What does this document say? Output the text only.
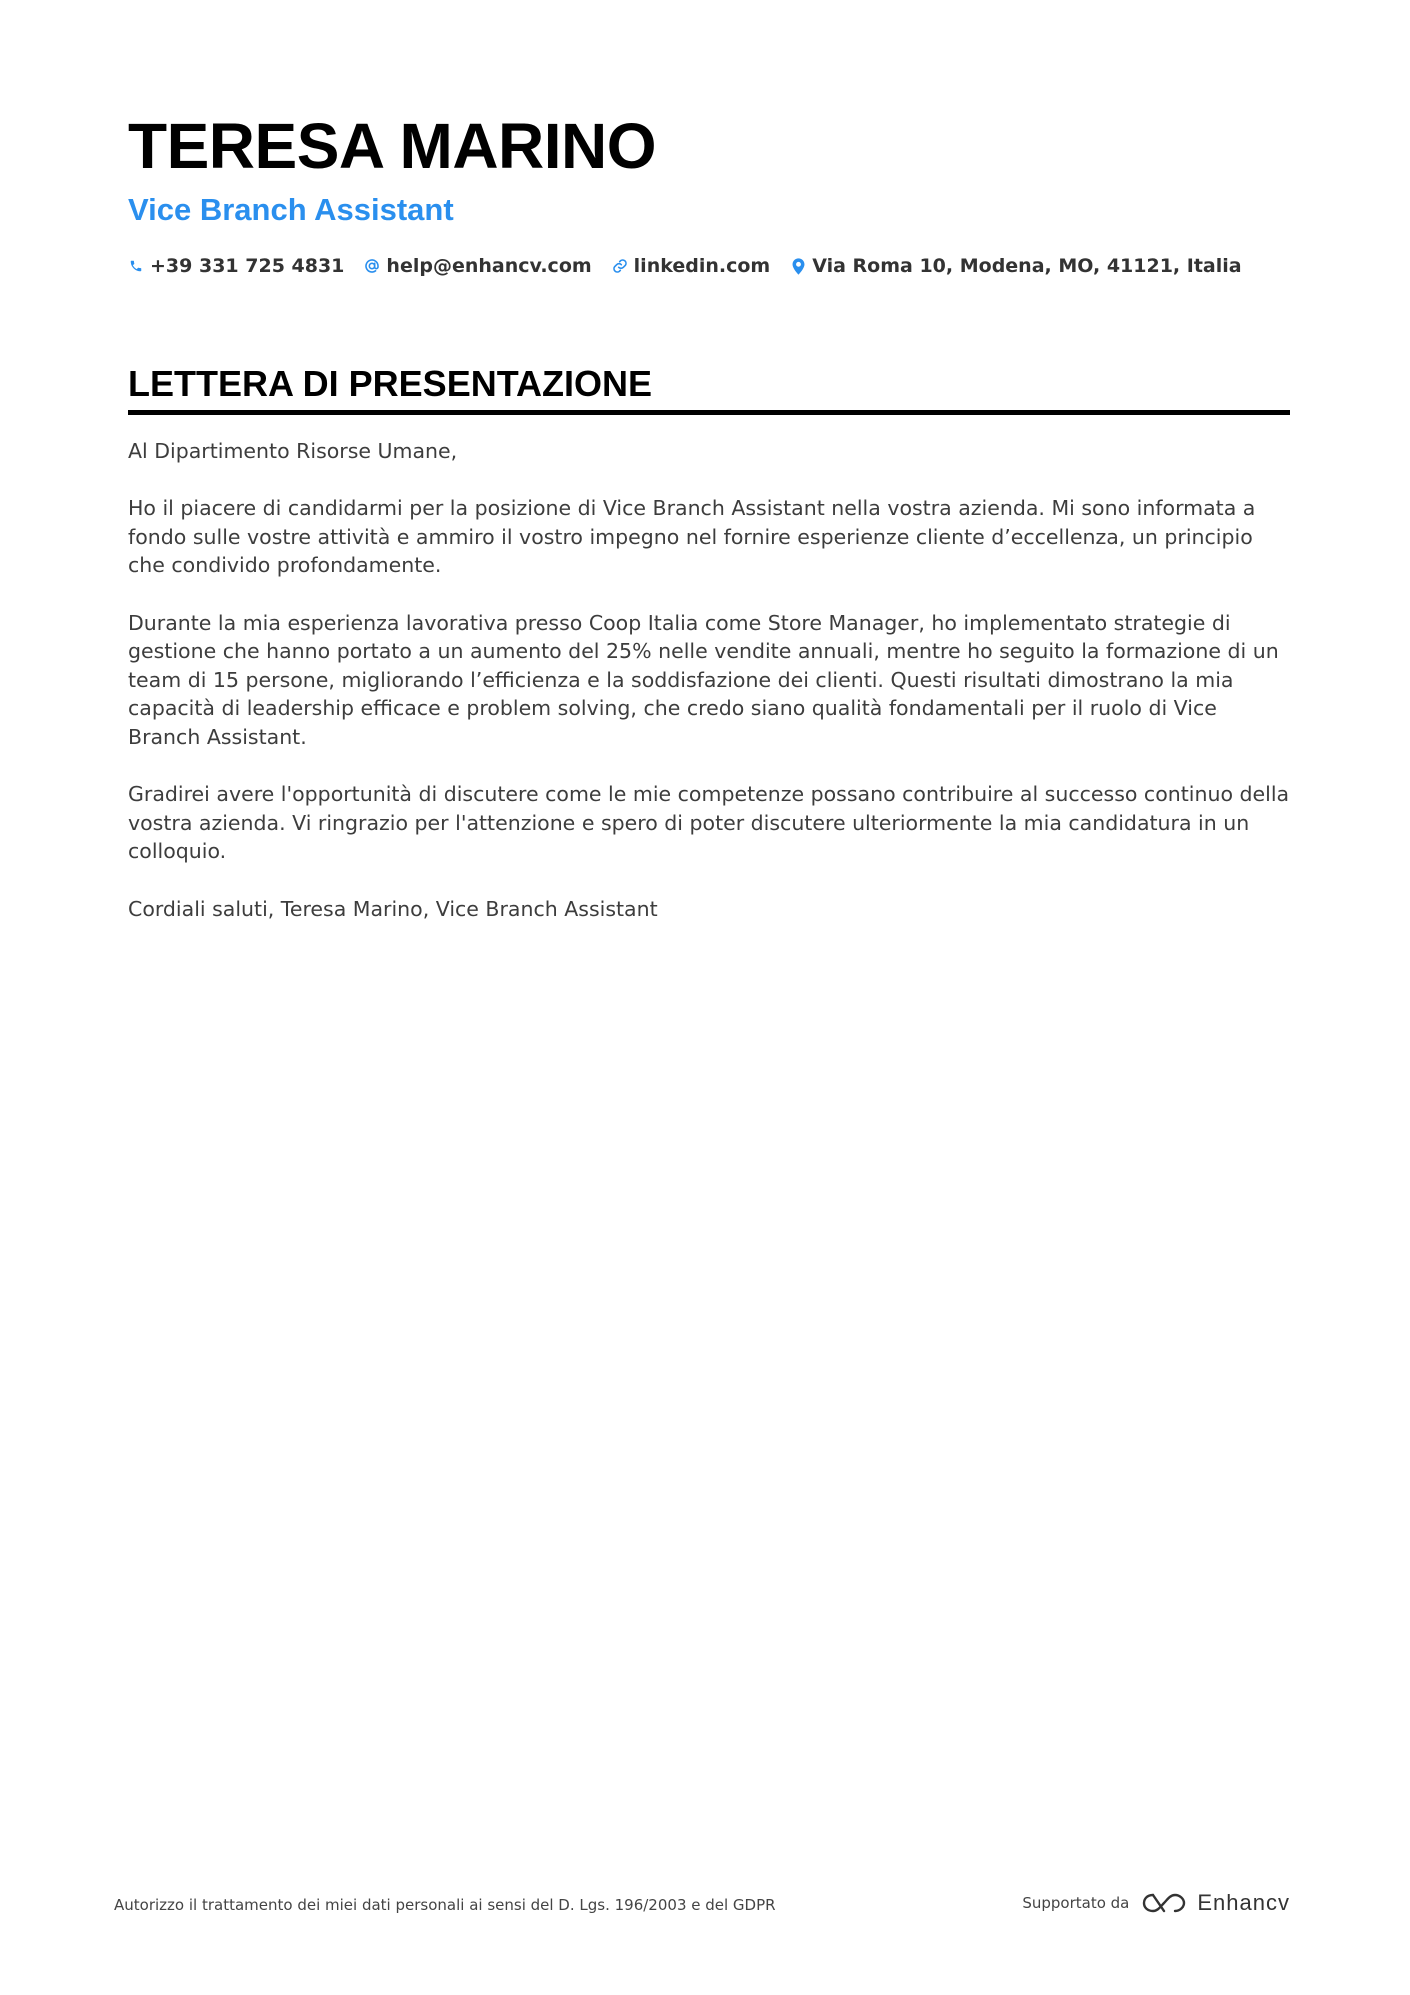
TERESA MARINO
Vice Branch Assistant
+39 331 725 4831 help@enhancv.com linkedin.com Via Roma 10, Modena, MO, 41121, Italia
LETTERA DI PRESENTAZIONE

Al Dipartimento Risorse Umane,

Ho il piacere di candidarmi per la posizione di Vice Branch Assistant nella vostra azienda. Mi sono informata a fondo sulle vostre attività e ammiro il vostro impegno nel fornire esperienze cliente d’eccellenza, un principio che condivido profondamente.

Durante la mia esperienza lavorativa presso Coop Italia come Store Manager, ho implementato strategie di gestione che hanno portato a un aumento del 25% nelle vendite annuali, mentre ho seguito la formazione di un team di 15 persone, migliorando l’efficienza e la soddisfazione dei clienti. Questi risultati dimostrano la mia capacità di leadership efficace e problem solving, che credo siano qualità fondamentali per il ruolo di Vice Branch Assistant.

Gradirei avere l'opportunità di discutere come le mie competenze possano contribuire al successo continuo della vostra azienda. Vi ringrazio per l'attenzione e spero di poter discutere ulteriormente la mia candidatura in un colloquio.

Cordiali saluti, Teresa Marino, Vice Branch Assistant

Autorizzo il trattamento dei miei dati personali ai sensi del D. Lgs. 196/2003 e del GDPR	Supportato da	Enhancv
